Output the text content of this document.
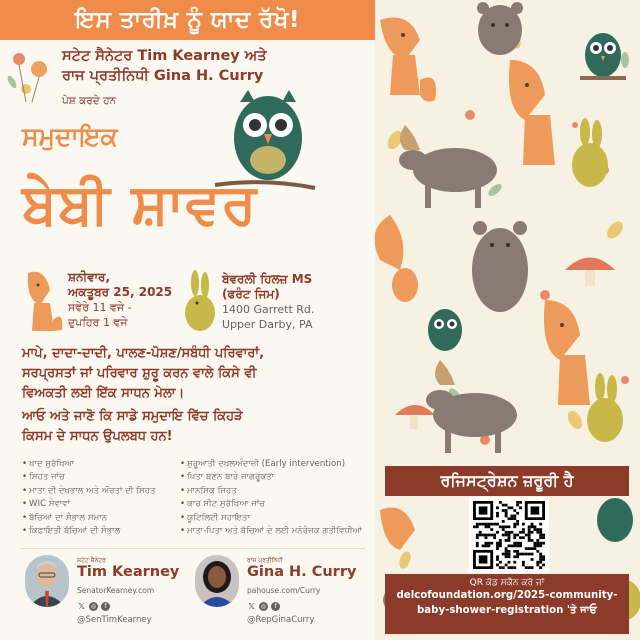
ਇਸ ਤਾਰੀਖ਼ ਨੂੰ ਯਾਦ ਰੱਖੋ!
ਸਟੇਟ ਸੈਨੇਟਰ Tim Kearney ਅਤੇ
ਰਾਜ ਪ੍ਰਤੀਨਿਧੀ Gina H. Curry
ਪੇਸ਼ ਕਰਦੇ ਹਨ
ਸਮੁਦਾਇਕ
ਬੇਬੀ ਸ਼ਾਵਰ
ਸ਼ਨੀਵਾਰ,
ਅਕਤੂਬਰ 25, 2025
ਸਵੇਰੇ 11 ਵਜੇ -
ਦੁਪਹਿਰ 1 ਵਜੇ
ਬੇਵਰਲੀ ਹਿਲਜ਼ MS
(ਫਰੰਟ ਜਿਮ)
1400 Garrett Rd.
Upper Darby, PA
ਮਾਪੇ, ਦਾਦਾ-ਦਾਦੀ, ਪਾਲਣ-ਪੋਸ਼ਣ/ਸਬੰਧੀ ਪਰਿਵਾਰਾਂ,
ਸਰਪ੍ਰਸਤਾਂ ਜਾਂ ਪਰਿਵਾਰ ਸ਼ੁਰੂ ਕਰਨ ਵਾਲੇ ਕਿਸੇ ਵੀ
ਵਿਅਕਤੀ ਲਈ ਇੱਕ ਸਾਧਨ ਮੇਲਾ।
ਆਓ ਅਤੇ ਜਾਣੋ ਕਿ ਸਾਡੇ ਸਮੁਦਾਇ ਵਿੱਚ ਕਿਹੜੇ
ਕਿਸਮ ਦੇ ਸਾਧਨ ਉਪਲਬਧ ਹਨ!
• ਖਾਦ ਸੁਰੱਖਿਆ
• ਸਿਹਤ ਜਾਂਚ
• ਮਾਤਾ ਦੀ ਦੇਖਭਾਲ ਅਤੇ ਔਰਤਾਂ ਦੀ ਸਿਹਤ
• WIC ਸੇਵਾਵਾਂ
• ਬੱਚਿਆਂ ਦਾ ਸੰਭਾਲ ਸਮਾਨ
• ਕਿਫਾਇਤੀ ਬੱਚਿਆਂ ਦੀ ਸੰਭਾਲ
• ਸ਼ੁਰੂਆਤੀ ਦਖ਼ਲਅੰਦਾਜ਼ੀ (Early intervention)
• ਪਿਤਾ ਬਣਨ ਬਾਰੇ ਜਾਗਰੂਕਤਾ
• ਮਾਨਸਿਕ ਸਿਹਤ
• ਕਾਰ ਸੀਟ ਸੁਰੱਖਿਆ ਜਾਂਚ
• ਯੂਟਿਲਿਟੀ ਸਹਾਇਤਾ
• ਮਾਤਾ-ਪਿਤਾ ਅਤੇ ਬੱਚਿਆਂ ਦੇ ਲਈ ਮਨੋਰੰਜਕ ਗਤੀਵਿਧੀਆਂ
ਸਟੇਟ ਸੈਨੇਟਰ
Tim Kearney
SenatorKearney.com
𝕏	◎	f
@SenTimKearney
ਰਾਜ ਪ੍ਰਤੀਨਿਧੀ
Gina H. Curry
pahouse.com/Curry
𝕏	◎	f
@RepGinaCurry
ਰਜਿਸਟ੍ਰੇਸ਼ਨ ਜ਼ਰੂਰੀ ਹੈ
QR ਕੋਡ ਸਕੈਨ ਕਰੋ ਜਾਂ
delcofoundation.org/2025-community-
baby-shower-registration 'ਤੇ ਜਾਓ
